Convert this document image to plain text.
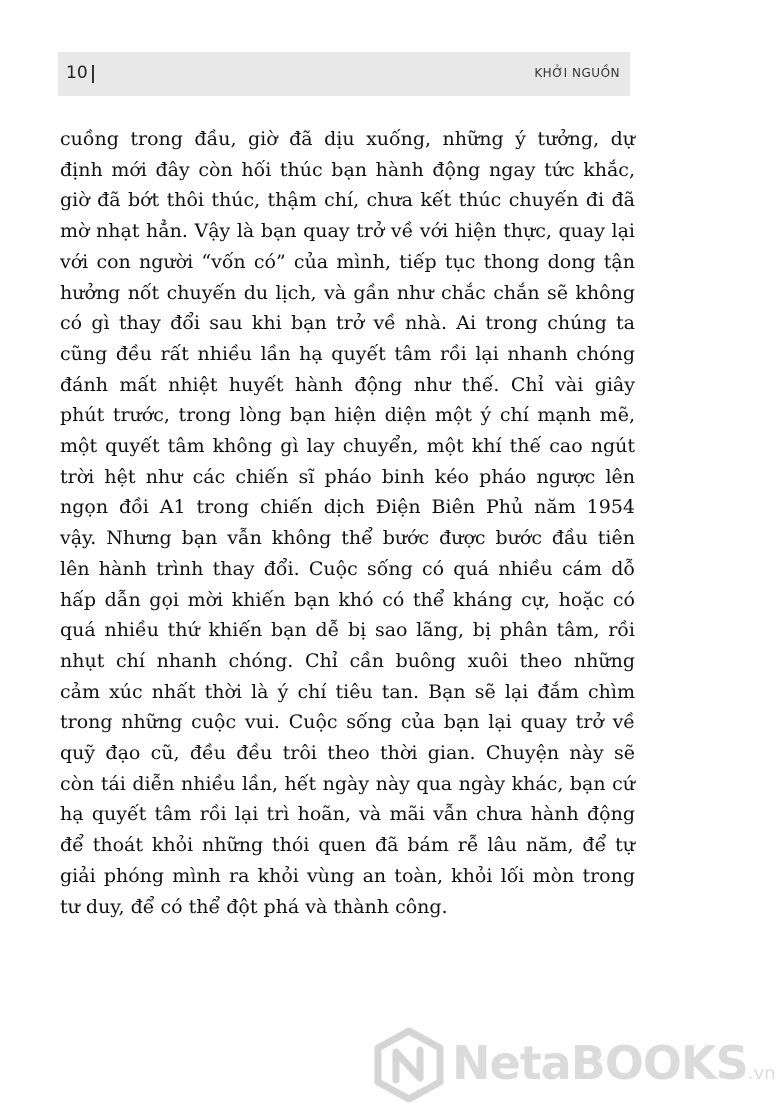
10	KHỞI NGUỒN
cuồng trong đầu, giờ đã dịu xuống, những ý tưởng, dự
định mới đây còn hối thúc bạn hành động ngay tức khắc,
giờ đã bớt thôi thúc, thậm chí, chưa kết thúc chuyến đi đã
mờ nhạt hẳn. Vậy là bạn quay trở về với hiện thực, quay lại
với con người “vốn có” của mình, tiếp tục thong dong tận
hưởng nốt chuyến du lịch, và gần như chắc chắn sẽ không
có gì thay đổi sau khi bạn trở về nhà. Ai trong chúng ta
cũng đều rất nhiều lần hạ quyết tâm rồi lại nhanh chóng
đánh mất nhiệt huyết hành động như thế. Chỉ vài giây
phút trước, trong lòng bạn hiện diện một ý chí mạnh mẽ,
một quyết tâm không gì lay chuyển, một khí thế cao ngút
trời hệt như các chiến sĩ pháo binh kéo pháo ngược lên
ngọn đồi A1 trong chiến dịch Điện Biên Phủ năm 1954
vậy. Nhưng bạn vẫn không thể bước được bước đầu tiên
lên hành trình thay đổi. Cuộc sống có quá nhiều cám dỗ
hấp dẫn gọi mời khiến bạn khó có thể kháng cự, hoặc có
quá nhiều thứ khiến bạn dễ bị sao lãng, bị phân tâm, rồi
nhụt chí nhanh chóng. Chỉ cần buông xuôi theo những
cảm xúc nhất thời là ý chí tiêu tan. Bạn sẽ lại đắm chìm
trong những cuộc vui. Cuộc sống của bạn lại quay trở về
quỹ đạo cũ, đều đều trôi theo thời gian. Chuyện này sẽ
còn tái diễn nhiều lần, hết ngày này qua ngày khác, bạn cứ
hạ quyết tâm rồi lại trì hoãn, và mãi vẫn chưa hành động
để thoát khỏi những thói quen đã bám rễ lâu năm, để tự
giải phóng mình ra khỏi vùng an toàn, khỏi lối mòn trong
tư duy, để có thể đột phá và thành công.
NetaBOOKS.vn
